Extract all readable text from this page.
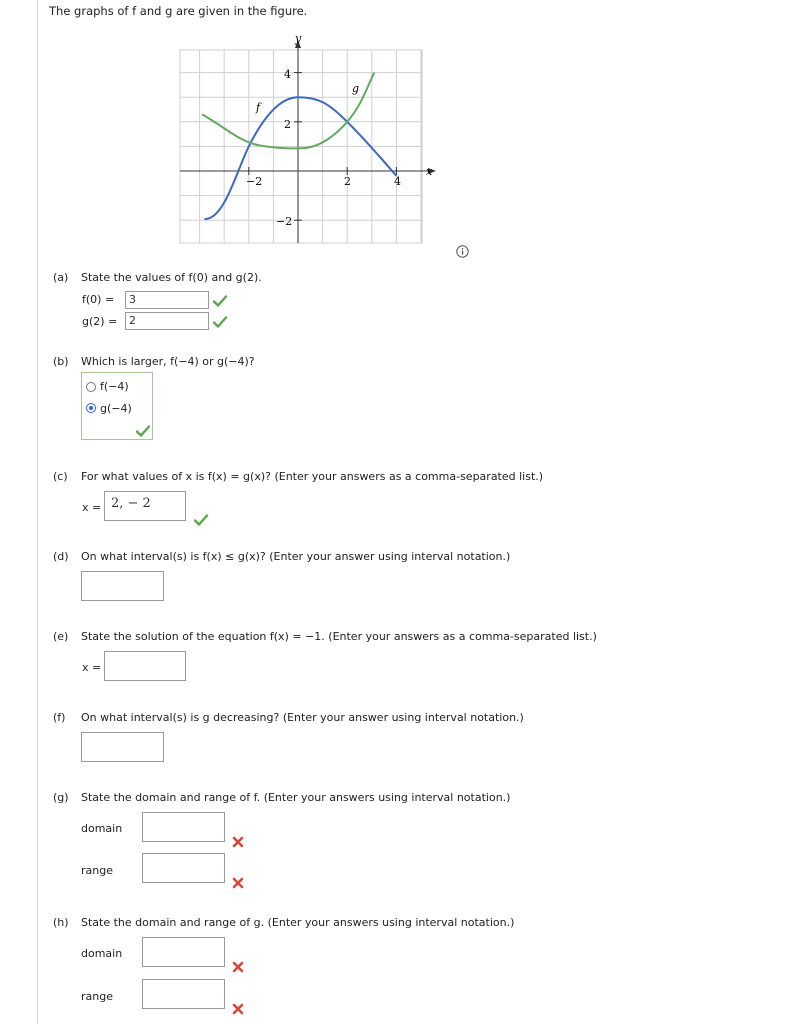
The graphs of f and g are given in the figure.
−2	2	4
4
2
−2
y
x
f
g
(a) State the values of f(0) and g(2).
f(0) =	3
g(2) =	2
(b) Which is larger, f(−4) or g(−4)?
f(−4)
g(−4)
(c) For what values of x is f(x) = g(x)? (Enter your answers as a comma-separated list.)
x = 2, − 2
(d) On what interval(s) is f(x) ≤ g(x)? (Enter your answer using interval notation.)
(e) State the solution of the equation f(x) = −1. (Enter your answers as a comma-separated list.)
x =
(f) On what interval(s) is g decreasing? (Enter your answer using interval notation.)
(g) State the domain and range of f. (Enter your answers using interval notation.)
domain
range
(h) State the domain and range of g. (Enter your answers using interval notation.)
domain
range
